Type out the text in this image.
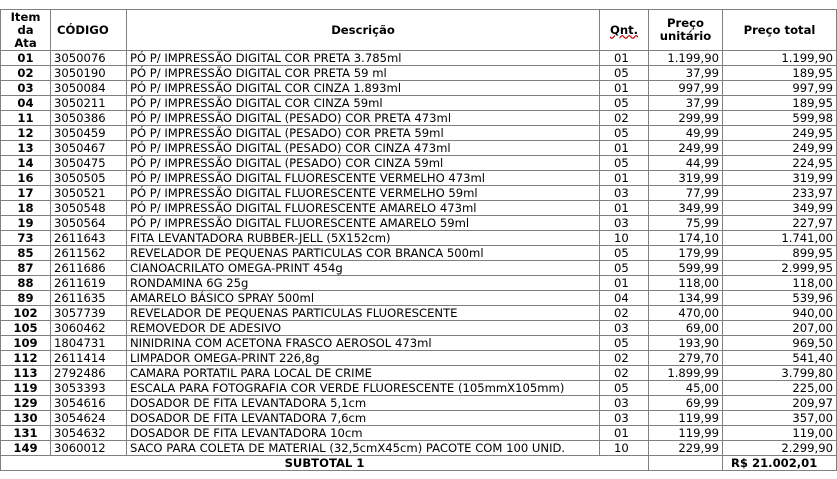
Item
da
Ata	CÓDIGO	Descrição	Qnt.	Preço
unitário	Preço total
01	3050076	PÓ P/ IMPRESSÃO DIGITAL COR PRETA 3.785ml	01	1.199,90	1.199,90
02	3050190	PÓ P/ IMPRESSÃO DIGITAL COR PRETA 59 ml	05	37,99	189,95
03	3050084	PÓ P/ IMPRESSÃO DIGITAL COR CINZA 1.893ml	01	997,99	997,99
04	3050211	PÓ P/ IMPRESSÃO DIGITAL COR CINZA 59ml	05	37,99	189,95
11	3050386	PÓ P/ IMPRESSÃO DIGITAL (PESADO) COR PRETA 473ml	02	299,99	599,98
12	3050459	PÓ P/ IMPRESSÃO DIGITAL (PESADO) COR PRETA 59ml	05	49,99	249,95
13	3050467	PÓ P/ IMPRESSÃO DIGITAL (PESADO) COR CINZA 473ml	01	249,99	249,99
14	3050475	PÓ P/ IMPRESSÃO DIGITAL (PESADO) COR CINZA 59ml	05	44,99	224,95
16	3050505	PÓ P/ IMPRESSÃO DIGITAL FLUORESCENTE VERMELHO 473ml	01	319,99	319,99
17	3050521	PÓ P/ IMPRESSÃO DIGITAL FLUORESCENTE VERMELHO 59ml	03	77,99	233,97
18	3050548	PÓ P/ IMPRESSÃO DIGITAL FLUORESCENTE AMARELO 473ml	01	349,99	349,99
19	3050564	PÓ P/ IMPRESSÃO DIGITAL FLUORESCENTE AMARELO 59ml	03	75,99	227,97
73	2611643	FITA LEVANTADORA RUBBER-JELL (5X152cm)	10	174,10	1.741,00
85	2611562	REVELADOR DE PEQUENAS PARTICULAS COR BRANCA 500ml	05	179,99	899,95
87	2611686	CIANOACRILATO OMEGA-PRINT 454g	05	599,99	2.999,95
88	2611619	RONDAMINA 6G 25g	01	118,00	118,00
89	2611635	AMARELO BÁSICO SPRAY 500ml	04	134,99	539,96
102	3057739	REVELADOR DE PEQUENAS PARTICULAS FLUORESCENTE	02	470,00	940,00
105	3060462	REMOVEDOR DE ADESIVO	03	69,00	207,00
109	1804731	NINIDRINA COM ACETONA FRASCO AEROSOL 473ml	05	193,90	969,50
112	2611414	LIMPADOR OMEGA-PRINT 226,8g	02	279,70	541,40
113	2792486	CAMARA PORTATIL PARA LOCAL DE CRIME	02	1.899,99	3.799,80
119	3053393	ESCALA PARA FOTOGRAFIA COR VERDE FLUORESCENTE (105mmX105mm)	05	45,00	225,00
129	3054616	DOSADOR DE FITA LEVANTADORA 5,1cm	03	69,99	209,97
130	3054624	DOSADOR DE FITA LEVANTADORA 7,6cm	03	119,99	357,00
131	3054632	DOSADOR DE FITA LEVANTADORA 10cm	01	119,99	119,00
149	3060012	SACO PARA COLETA DE MATERIAL (32,5cmX45cm) PACOTE COM 100 UNID.	10	229,99	2.299,90
SUBTOTAL 1					R$ 21.002,01
